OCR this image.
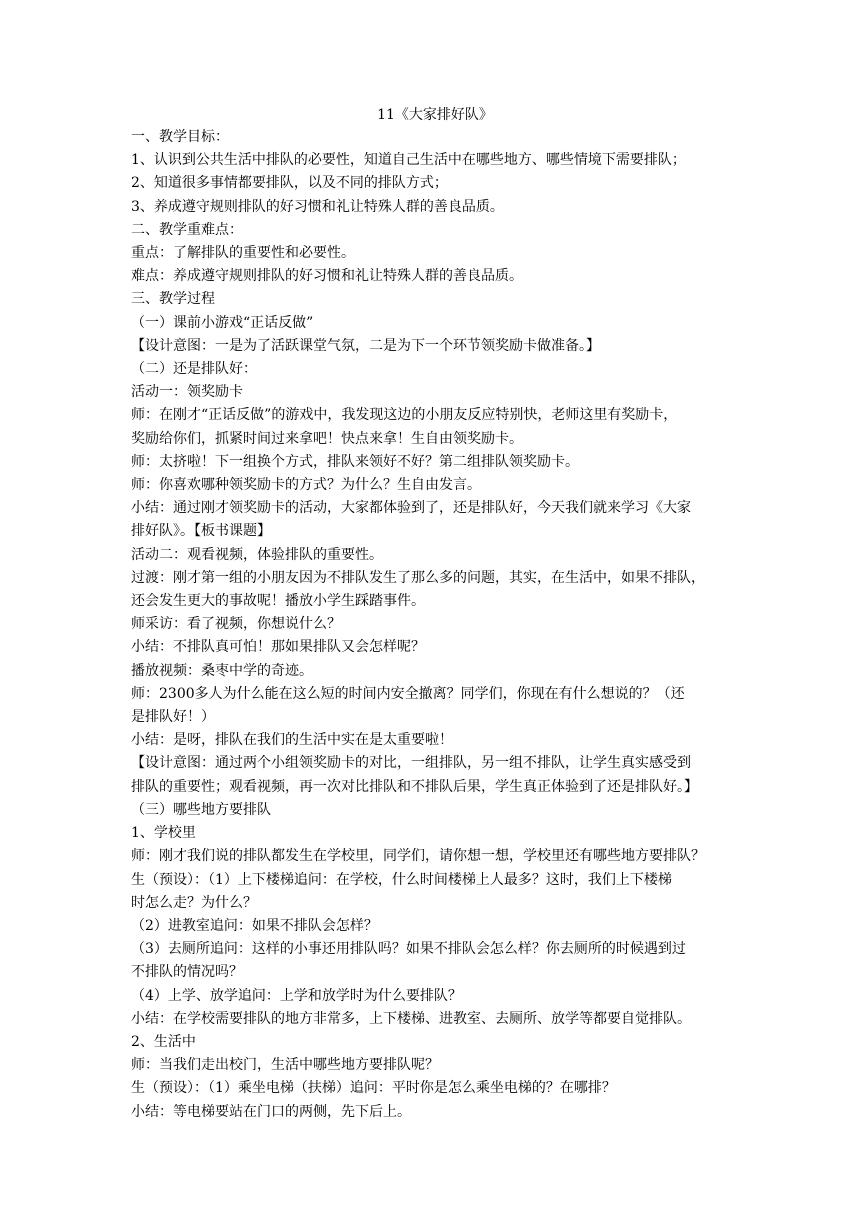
11《大家排好队》

一、教学目标：

1、认识到公共生活中排队的必要性，知道自己生活中在哪些地方、哪些情境下需要排队；

2、知道很多事情都要排队，以及不同的排队方式；

3、养成遵守规则排队的好习惯和礼让特殊人群的善良品质。

二、教学重难点：

重点：了解排队的重要性和必要性。

难点：养成遵守规则排队的好习惯和礼让特殊人群的善良品质。

三、教学过程

（一）课前小游戏“正话反做”

【设计意图：一是为了活跃课堂气氛，二是为下一个环节领奖励卡做准备。】

（二）还是排队好：

活动一：领奖励卡

师：在刚才“正话反做”的游戏中，我发现这边的小朋友反应特别快，老师这里有奖励卡，

奖励给你们，抓紧时间过来拿吧！快点来拿！生自由领奖励卡。

师：太挤啦！下一组换个方式，排队来领好不好？第二组排队领奖励卡。

师：你喜欢哪种领奖励卡的方式？为什么？生自由发言。

小结：通过刚才领奖励卡的活动，大家都体验到了，还是排队好，今天我们就来学习《大家

排好队》。【板书课题】

活动二：观看视频，体验排队的重要性。

过渡：刚才第一组的小朋友因为不排队发生了那么多的问题，其实，在生活中，如果不排队，

还会发生更大的事故呢！播放小学生踩踏事件。

师采访：看了视频，你想说什么？

小结：不排队真可怕！那如果排队又会怎样呢？

播放视频：桑枣中学的奇迹。

师：2300多人为什么能在这么短的时间内安全撤离？同学们，你现在有什么想说的？（还

是排队好！）

小结：是呀，排队在我们的生活中实在是太重要啦！

【设计意图：通过两个小组领奖励卡的对比，一组排队，另一组不排队，让学生真实感受到

排队的重要性；观看视频，再一次对比排队和不排队后果，学生真正体验到了还是排队好。】

（三）哪些地方要排队

1、学校里

师：刚才我们说的排队都发生在学校里，同学们，请你想一想，学校里还有哪些地方要排队？

生（预设）：（1）上下楼梯追问：在学校，什么时间楼梯上人最多？这时，我们上下楼梯

时怎么走？为什么？

（2）进教室追问：如果不排队会怎样？

（3）去厕所追问：这样的小事还用排队吗？如果不排队会怎么样？你去厕所的时候遇到过

不排队的情况吗？

（4）上学、放学追问：上学和放学时为什么要排队？

小结：在学校需要排队的地方非常多，上下楼梯、进教室、去厕所、放学等都要自觉排队。

2、生活中

师：当我们走出校门，生活中哪些地方要排队呢？

生（预设）：（1）乘坐电梯（扶梯）追问：平时你是怎么乘坐电梯的？在哪排？

小结：等电梯要站在门口的两侧，先下后上。
